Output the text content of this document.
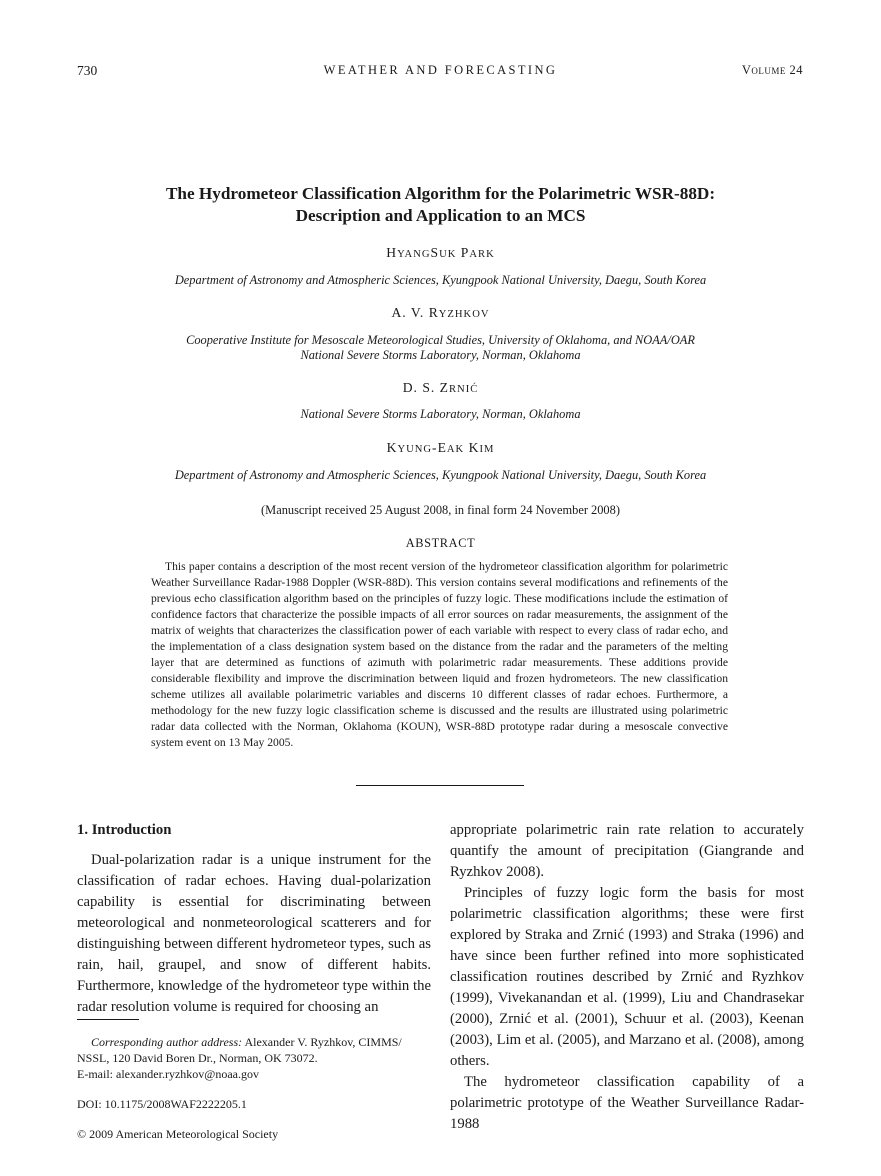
730	WEATHER AND FORECASTING	Volume 24
The Hydrometeor Classification Algorithm for the Polarimetric WSR-88D:
Description and Application to an MCS
HYANGSUK PARK
Department of Astronomy and Atmospheric Sciences, Kyungpook National University, Daegu, South Korea
A. V. RYZHKOV
Cooperative Institute for Mesoscale Meteorological Studies, University of Oklahoma, and NOAA/OAR
National Severe Storms Laboratory, Norman, Oklahoma
D. S. ZRNIĆ
National Severe Storms Laboratory, Norman, Oklahoma
KYUNG-EAK KIM
Department of Astronomy and Atmospheric Sciences, Kyungpook National University, Daegu, South Korea
(Manuscript received 25 August 2008, in final form 24 November 2008)
ABSTRACT

This paper contains a description of the most recent version of the hydrometeor classification algorithm for polarimetric Weather Surveillance Radar-1988 Doppler (WSR-88D). This version contains several modifications and refinements of the previous echo classification algorithm based on the principles of fuzzy logic. These modifications include the estimation of confidence factors that characterize the possible impacts of all error sources on radar measurements, the assignment of the matrix of weights that characterizes the classification power of each variable with respect to every class of radar echo, and the implementation of a class designation system based on the distance from the radar and the parameters of the melting layer that are determined as functions of azimuth with polarimetric radar measurements. These additions provide considerable flexibility and improve the discrimination between liquid and frozen hydrometeors. The new classification scheme utilizes all available polarimetric variables and discerns 10 different classes of radar echoes. Furthermore, a methodology for the new fuzzy logic classification scheme is discussed and the results are illustrated using polarimetric radar data collected with the Norman, Oklahoma (KOUN), WSR-88D prototype radar during a mesoscale convective system event on 13 May 2005.

1. Introduction

Dual-polarization radar is a unique instrument for the classification of radar echoes. Having dual-polarization capability is essential for discriminating between meteorological and nonmeteorological scatterers and for distinguishing between different hydrometeor types, such as rain, hail, graupel, and snow of different habits. Furthermore, knowledge of the hydrometeor type within the radar resolution volume is required for choosing an

appropriate polarimetric rain rate relation to accurately quantify the amount of precipitation (Giangrande and Ryzhkov 2008).

Principles of fuzzy logic form the basis for most polarimetric classification algorithms; these were first explored by Straka and Zrnić (1993) and Straka (1996) and have since been further refined into more sophisticated classification routines described by Zrnić and Ryzhkov (1999), Vivekanandan et al. (1999), Liu and Chandrasekar (2000), Zrnić et al. (2001), Schuur et al. (2003), Keenan (2003), Lim et al. (2005), and Marzano et al. (2008), among others.

The hydrometeor classification capability of a polarimetric prototype of the Weather Surveillance Radar-1988

Corresponding author address: Alexander V. Ryzhkov, CIMMS/
NSSL, 120 David Boren Dr., Norman, OK 73072.
E-mail: alexander.ryzhkov@noaa.gov
DOI: 10.1175/2008WAF2222205.1
© 2009 American Meteorological Society
